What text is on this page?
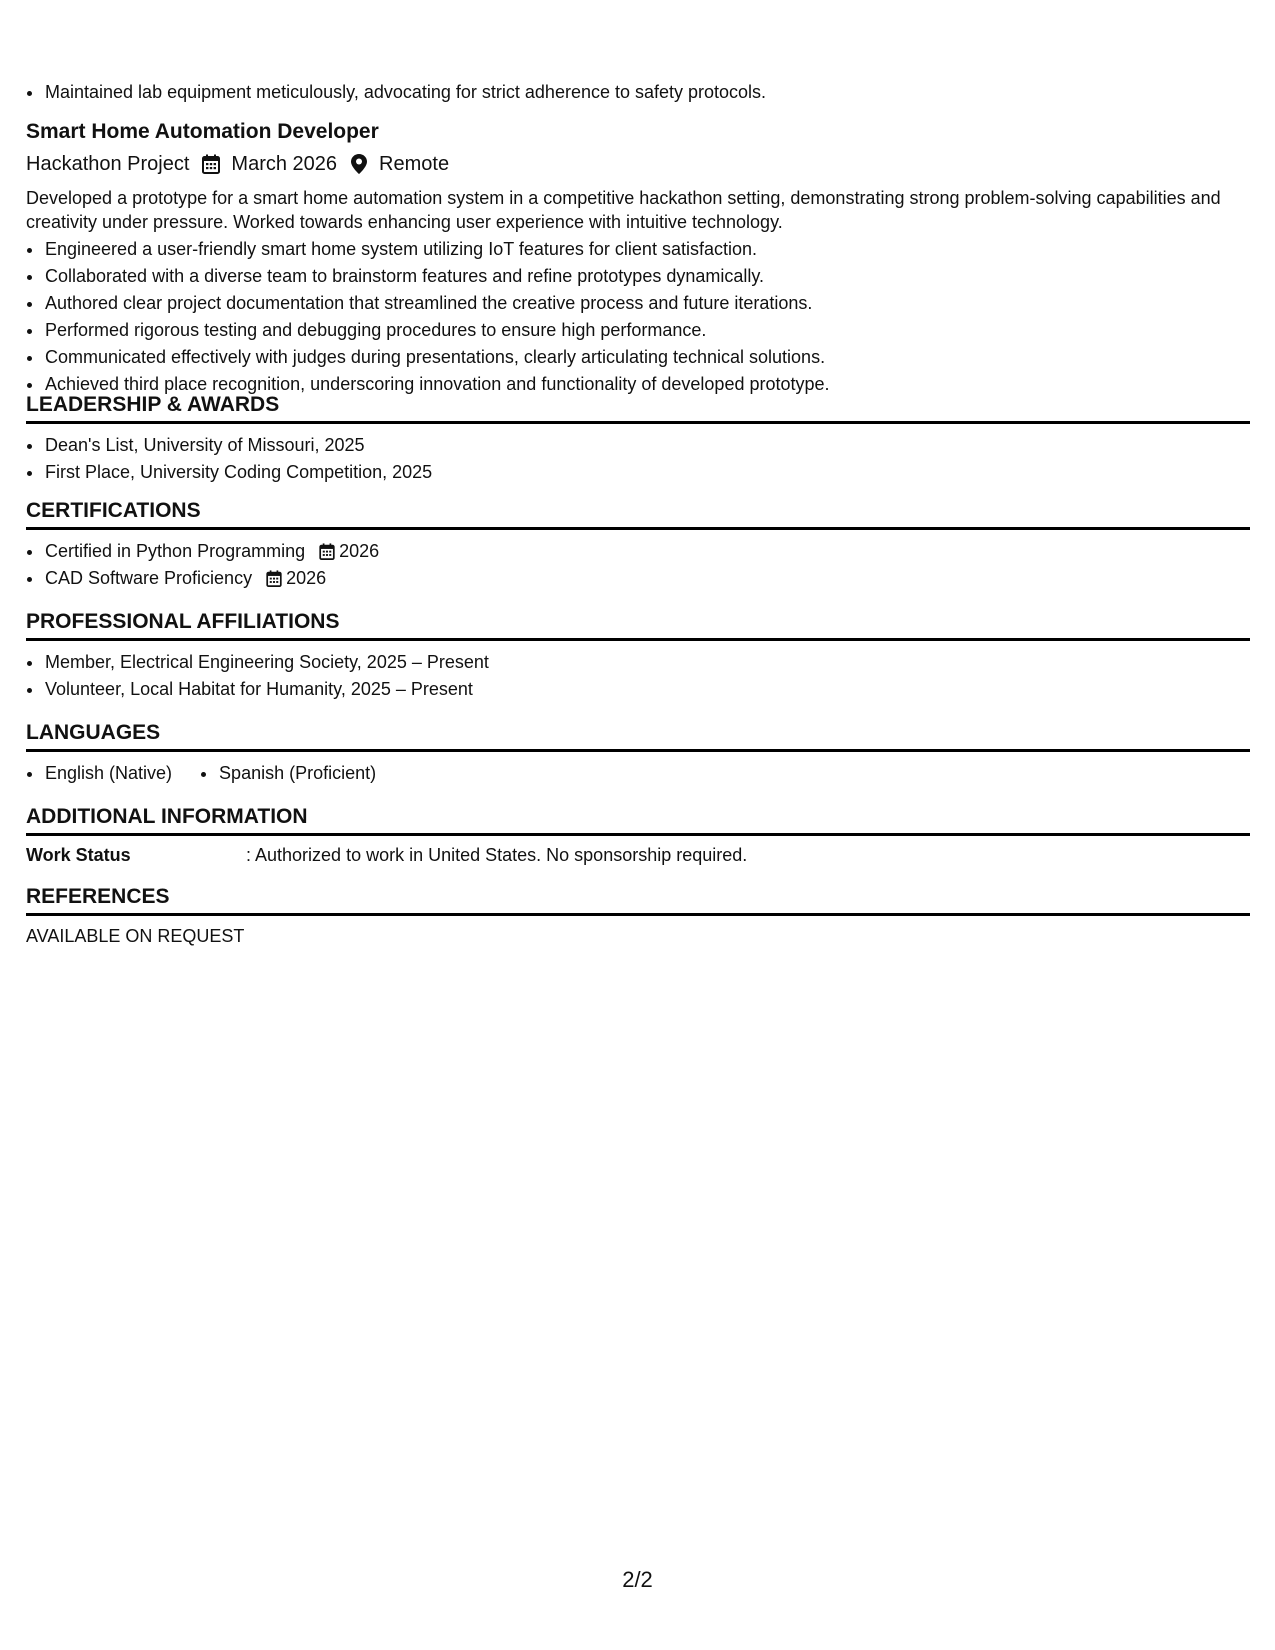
• Maintained lab equipment meticulously, advocating for strict adherence to safety protocols.
Smart Home Automation Developer
Hackathon Project March 2026 Remote
Developed a prototype for a smart home automation system in a competitive hackathon setting, demonstrating strong problem-solving capabilities and creativity under pressure. Worked towards enhancing user experience with intuitive technology.
• Engineered a user-friendly smart home system utilizing IoT features for client satisfaction.
• Collaborated with a diverse team to brainstorm features and refine prototypes dynamically.
• Authored clear project documentation that streamlined the creative process and future iterations.
• Performed rigorous testing and debugging procedures to ensure high performance.
• Communicated effectively with judges during presentations, clearly articulating technical solutions.
• Achieved third place recognition, underscoring innovation and functionality of developed prototype.
LEADERSHIP & AWARDS
• Dean's List, University of Missouri, 2025
• First Place, University Coding Competition, 2025
CERTIFICATIONS
• Certified in Python Programming 2026
• CAD Software Proficiency 2026
PROFESSIONAL AFFILIATIONS
• Member, Electrical Engineering Society, 2025 – Present
• Volunteer, Local Habitat for Humanity, 2025 – Present
LANGUAGES
• English (Native)
•	Spanish (Proficient)
ADDITIONAL INFORMATION
Work Status	: Authorized to work in United States. No sponsorship required.
REFERENCES
AVAILABLE ON REQUEST
2/2
